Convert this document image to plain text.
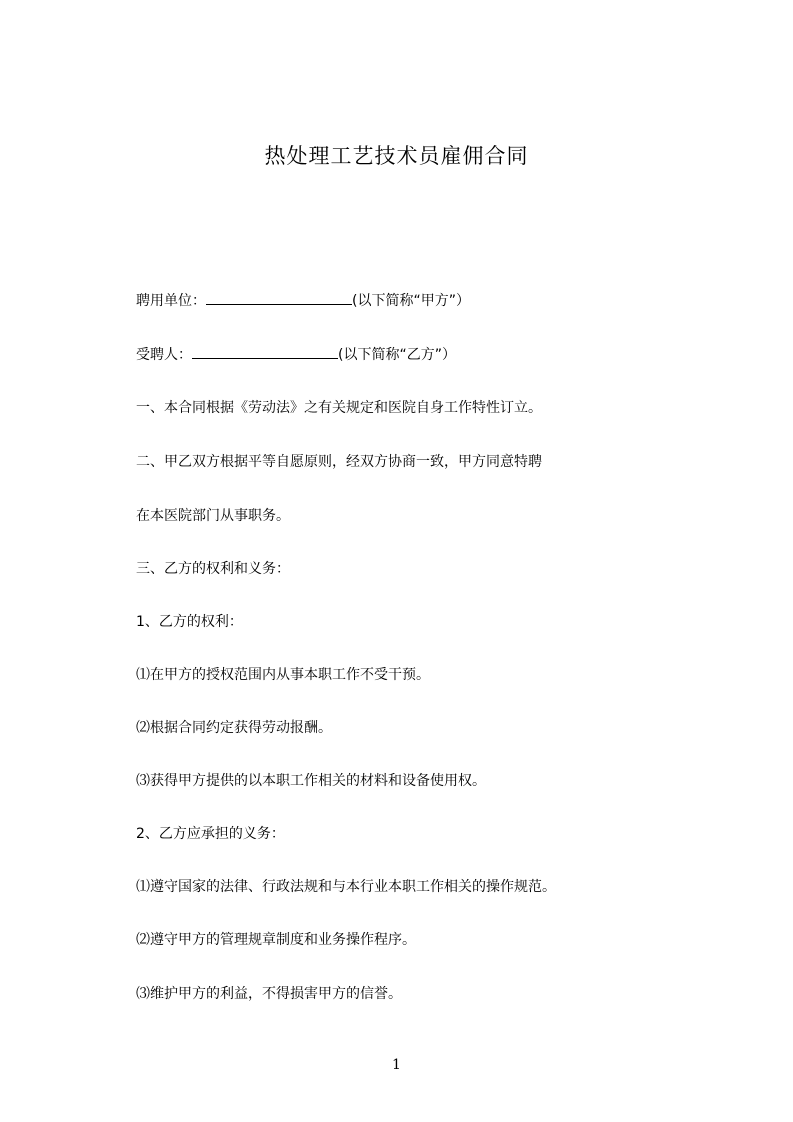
热处理工艺技术员雇佣合同
聘用单位：	(以下简称“甲方”）
受聘人：	(以下简称“乙方”）
一、本合同根据《劳动法》之有关规定和医院自身工作特性订立。
二、甲乙双方根据平等自愿原则，经双方协商一致，甲方同意特聘
在本医院部门从事职务。
三、乙方的权利和义务：
1、乙方的权利：
⑴在甲方的授权范围内从事本职工作不受干预。
⑵根据合同约定获得劳动报酬。
⑶获得甲方提供的以本职工作相关的材料和设备使用权。
2、乙方应承担的义务：
⑴遵守国家的法律、行政法规和与本行业本职工作相关的操作规范。
⑵遵守甲方的管理规章制度和业务操作程序。
⑶维护甲方的利益，不得损害甲方的信誉。
1
